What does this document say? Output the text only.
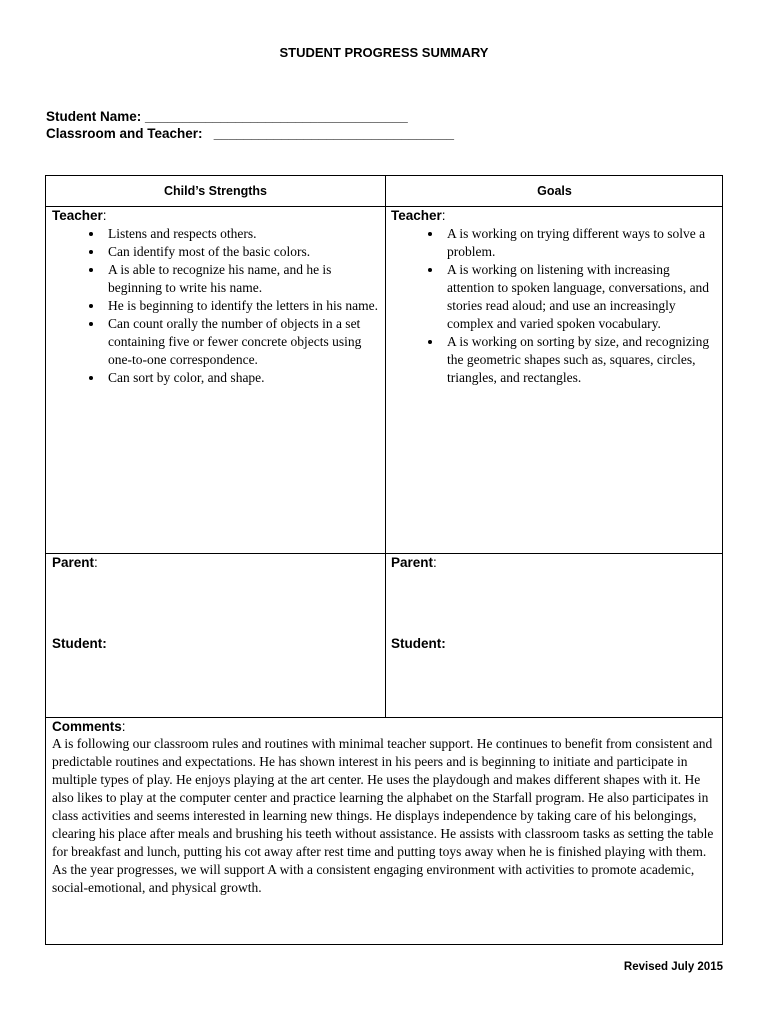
STUDENT PROGRESS SUMMARY
Student Name: ___________________________________
Classroom and Teacher:   ________________________________
Child’s Strengths	Goals
Teacher:
• Listens and respects others.
• Can identify most of the basic colors.
• A is able to recognize his name, and he is beginning to write his name.
• He is beginning to identify the letters in his name.
• Can count orally the number of objects in a set containing five or fewer concrete objects using one-to-one correspondence.
• Can sort by color, and shape.
Teacher:
• A is working on trying different ways to solve a problem.
• A is working on listening with increasing attention to spoken language, conversations, and stories read aloud; and use an increasingly complex and varied spoken vocabulary.
• A is working on sorting by size, and recognizing the geometric shapes such as, squares, circles, triangles, and rectangles.
Parent:
Student:
Parent:
Student:
Comments:
A is following our classroom rules and routines with minimal teacher support. He continues to benefit from consistent and predictable routines and expectations. He has shown interest in his peers and is beginning to initiate and participate in multiple types of play. He enjoys playing at the art center. He uses the playdough and makes different shapes with it. He also likes to play at the computer center and practice learning the alphabet on the Starfall program. He also participates in class activities and seems interested in learning new things. He displays independence by taking care of his belongings, clearing his place after meals and brushing his teeth without assistance. He assists with classroom tasks as setting the table for breakfast and lunch, putting his cot away after rest time and putting toys away when he is finished playing with them. As the year progresses, we will support A with a consistent engaging environment with activities to promote academic, social-emotional, and physical growth.
Revised July 2015
